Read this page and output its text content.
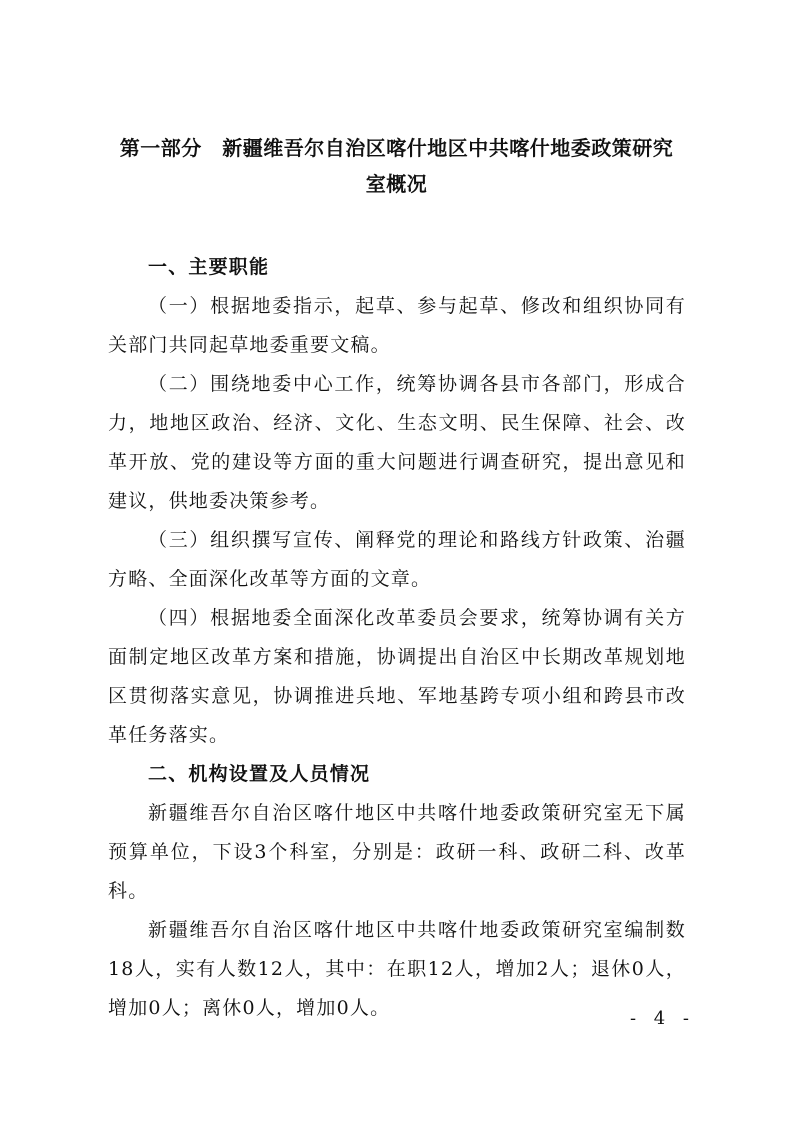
第一部分　新疆维吾尔自治区喀什地区中共喀什地委政策研究
室概况
一、主要职能

（一）根据地委指示，起草、参与起草、修改和组织协同有关部门共同起草地委重要文稿。

（二）围绕地委中心工作，统筹协调各县市各部门，形成合力，地地区政治、经济、文化、生态文明、民生保障、社会、改革开放、党的建设等方面的重大问题进行调查研究，提出意见和建议，供地委决策参考。

（三）组织撰写宣传、阐释党的理论和路线方针政策、治疆方略、全面深化改革等方面的文章。

（四）根据地委全面深化改革委员会要求，统筹协调有关方面制定地区改革方案和措施，协调提出自治区中长期改革规划地区贯彻落实意见，协调推进兵地、军地基跨专项小组和跨县市改革任务落实。

二、机构设置及人员情况

新疆维吾尔自治区喀什地区中共喀什地委政策研究室无下属预算单位，下设3个科室，分别是：政研一科、政研二科、改革科。

新疆维吾尔自治区喀什地区中共喀什地委政策研究室编制数18人，实有人数12人，其中：在职12人，增加2人；退休0人，增加0人；离休0人，增加0人。	- 4 -
